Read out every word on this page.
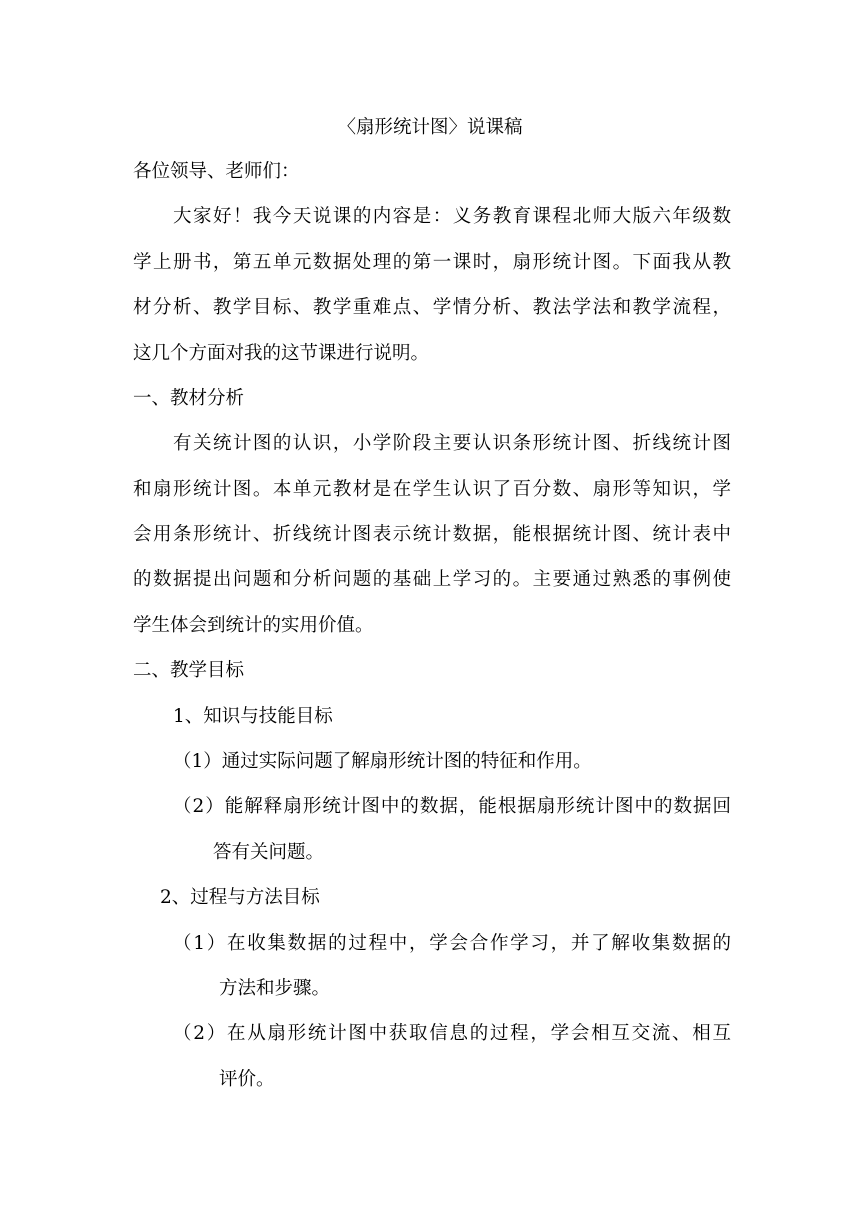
〈扇形统计图〉说课稿
各位领导、老师们：
大家好！我今天说课的内容是：义务教育课程北师大版六年级数
学上册书，第五单元数据处理的第一课时，扇形统计图。下面我从教
材分析、教学目标、教学重难点、学情分析、教法学法和教学流程，
这几个方面对我的这节课进行说明。
一、教材分析
有关统计图的认识，小学阶段主要认识条形统计图、折线统计图
和扇形统计图。本单元教材是在学生认识了百分数、扇形等知识，学
会用条形统计、折线统计图表示统计数据，能根据统计图、统计表中
的数据提出问题和分析问题的基础上学习的。主要通过熟悉的事例使
学生体会到统计的实用价值。
二、教学目标
1、知识与技能目标
（1）通过实际问题了解扇形统计图的特征和作用。
（2）能解释扇形统计图中的数据，能根据扇形统计图中的数据回
答有关问题。
2、过程与方法目标
（1）在收集数据的过程中，学会合作学习，并了解收集数据的
方法和步骤。
（2）在从扇形统计图中获取信息的过程，学会相互交流、相互
评价。
